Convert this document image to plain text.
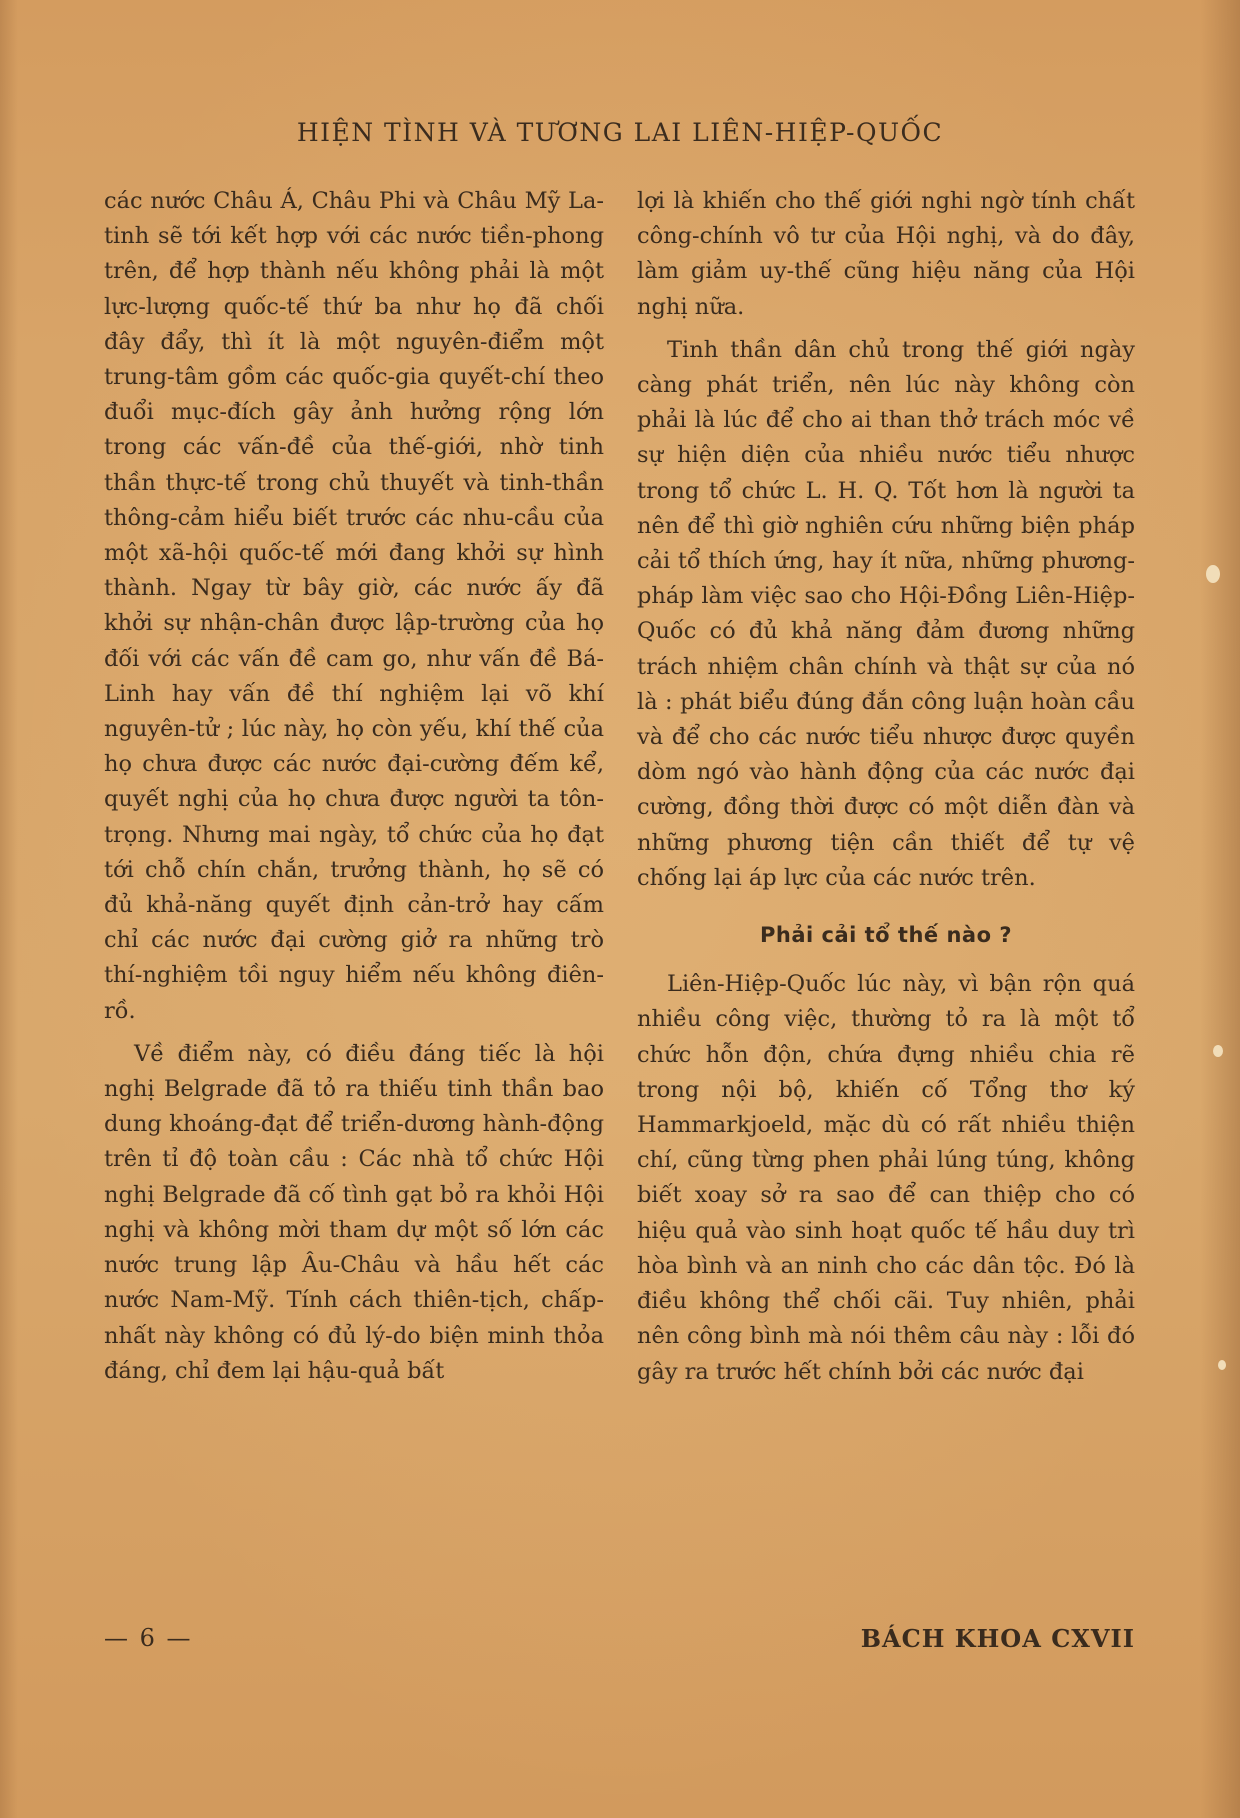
HIỆN TÌNH VÀ TƯƠNG LAI LIÊN-HIỆP-QUỐC

các nước Châu Á, Châu Phi và Châu Mỹ La-tinh sẽ tới kết hợp với các nước tiền-phong trên, để hợp thành nếu không phải là một lực-lượng quốc-tế thứ ba như họ đã chối đây đẩy, thì ít là một nguyên-điểm một trung-tâm gồm các quốc-gia quyết-chí theo đuổi mục-đích gây ảnh hưởng rộng lớn trong các vấn-đề của thế-giới, nhờ tinh thần thực-tế trong chủ thuyết và tinh-thần thông-cảm hiểu biết trước các nhu-cầu của một xã-hội quốc-tế mới đang khởi sự hình thành. Ngay từ bây giờ, các nước ấy đã khởi sự nhận-chân được lập-trường của họ đối với các vấn đề cam go, như vấn đề Bá-Linh hay vấn đề thí nghiệm lại võ khí nguyên-tử ; lúc này, họ còn yếu, khí thế của họ chưa được các nước đại-cường đếm kể, quyết nghị của họ chưa được người ta tôn-trọng. Nhưng mai ngày, tổ chức của họ đạt tới chỗ chín chắn, trưởng thành, họ sẽ có đủ khả-năng quyết định cản-trở hay cấm chỉ các nước đại cường giở ra những trò thí-nghiệm tồi nguy hiểm nếu không điên-rồ.

Về điểm này, có điều đáng tiếc là hội nghị Belgrade đã tỏ ra thiếu tinh thần bao dung khoáng-đạt để triển-dương hành-động trên tỉ độ toàn cầu : Các nhà tổ chức Hội nghị Belgrade đã cố tình gạt bỏ ra khỏi Hội nghị và không mời tham dự một số lớn các nước trung lập Âu-Châu và hầu hết các nước Nam-Mỹ. Tính cách thiên-tịch, chấp-nhất này không có đủ lý-do biện minh thỏa đáng, chỉ đem lại hậu-quả bất

lợi là khiến cho thế giới nghi ngờ tính chất công-chính vô tư của Hội nghị, và do đây, làm giảm uy-thế cũng hiệu năng của Hội nghị nữa.

Tinh thần dân chủ trong thế giới ngày càng phát triển, nên lúc này không còn phải là lúc để cho ai than thở trách móc về sự hiện diện của nhiều nước tiểu nhược trong tổ chức L. H. Q. Tốt hơn là người ta nên để thì giờ nghiên cứu những biện pháp cải tổ thích ứng, hay ít nữa, những phương-pháp làm việc sao cho Hội-Đồng Liên-Hiệp-Quốc có đủ khả năng đảm đương những trách nhiệm chân chính và thật sự của nó là : phát biểu đúng đắn công luận hoàn cầu và để cho các nước tiểu nhược được quyền dòm ngó vào hành động của các nước đại cường, đồng thời được có một diễn đàn và những phương tiện cần thiết để tự vệ chống lại áp lực của các nước trên.

Phải cải tổ thế nào ?

Liên-Hiệp-Quốc lúc này, vì bận rộn quá nhiều công việc, thường tỏ ra là một tổ chức hỗn độn, chứa đựng nhiều chia rẽ trong nội bộ, khiến cố Tổng thơ ký Hammarkjoeld, mặc dù có rất nhiều thiện chí, cũng từng phen phải lúng túng, không biết xoay sở ra sao để can thiệp cho có hiệu quả vào sinh hoạt quốc tế hầu duy trì hòa bình và an ninh cho các dân tộc. Đó là điều không thể chối cãi. Tuy nhiên, phải nên công bình mà nói thêm câu này : lỗi đó gây ra trước hết chính bởi các nước đại

— 6 —	BÁCH KHOA CXVII
